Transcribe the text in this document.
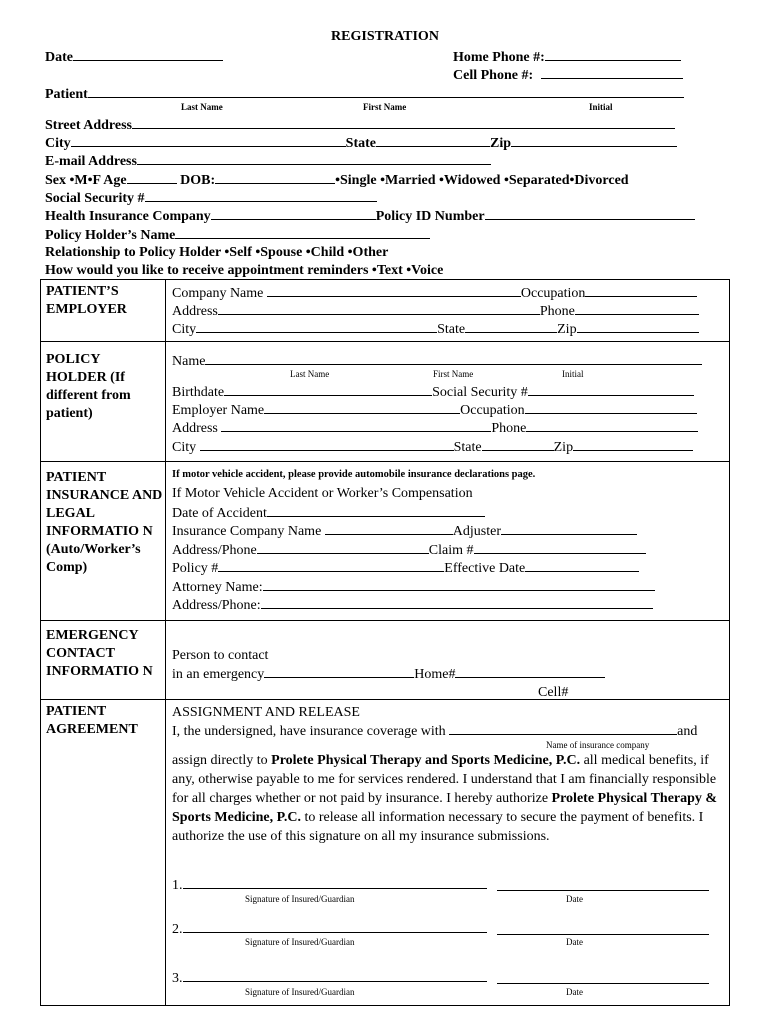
REGISTRATION
Date	Home Phone #:
Cell Phone #:
Patient
Last Name	First Name	Initial
Street Address
City	State	Zip
E-mail Address
Sex •M•F Age	DOB:	•Single •Married •Widowed •Separated•Divorced
Social Security #
Health Insurance Company	Policy ID Number
Policy Holder’s Name
Relationship to Policy Holder •Self •Spouse •Child •Other
How would you like to receive appointment reminders •Text •Voice
PATIENT’S EMPLOYER
Company Name	Occupation
Address	Phone
City	State	Zip
POLICY HOLDER (If different from patient)
Name
Last Name	First Name	Initial
Birthdate	Social Security #
Employer Name	Occupation
Address	Phone
City	State	Zip
PATIENT INSURANCE AND LEGAL INFORMATIO N (Auto/Worker’s Comp)
If motor vehicle accident, please provide automobile insurance declarations page.
If Motor Vehicle Accident or Worker’s Compensation
Date of Accident
Insurance Company Name	Adjuster
Address/Phone	Claim #
Policy #	Effective Date
Attorney Name:
Address/Phone:
EMERGENCY CONTACT INFORMATIO N
Person to contact
in an emergency	Home#
Cell#
PATIENT AGREEMENT
ASSIGNMENT AND RELEASE
I, the undersigned, have insurance coverage with	and
Name of insurance company
assign directly to Prolete Physical Therapy and Sports Medicine, P.C. all medical benefits, if any, otherwise payable to me for services rendered. I understand that I am financially responsible for all charges whether or not paid by insurance. I hereby authorize Prolete Physical Therapy & Sports Medicine, P.C. to release all information necessary to secure the payment of benefits. I authorize the use of this signature on all my insurance submissions.
1.
Signature of Insured/Guardian	Date
2.
Signature of Insured/Guardian	Date
3.
Signature of Insured/Guardian	Date
